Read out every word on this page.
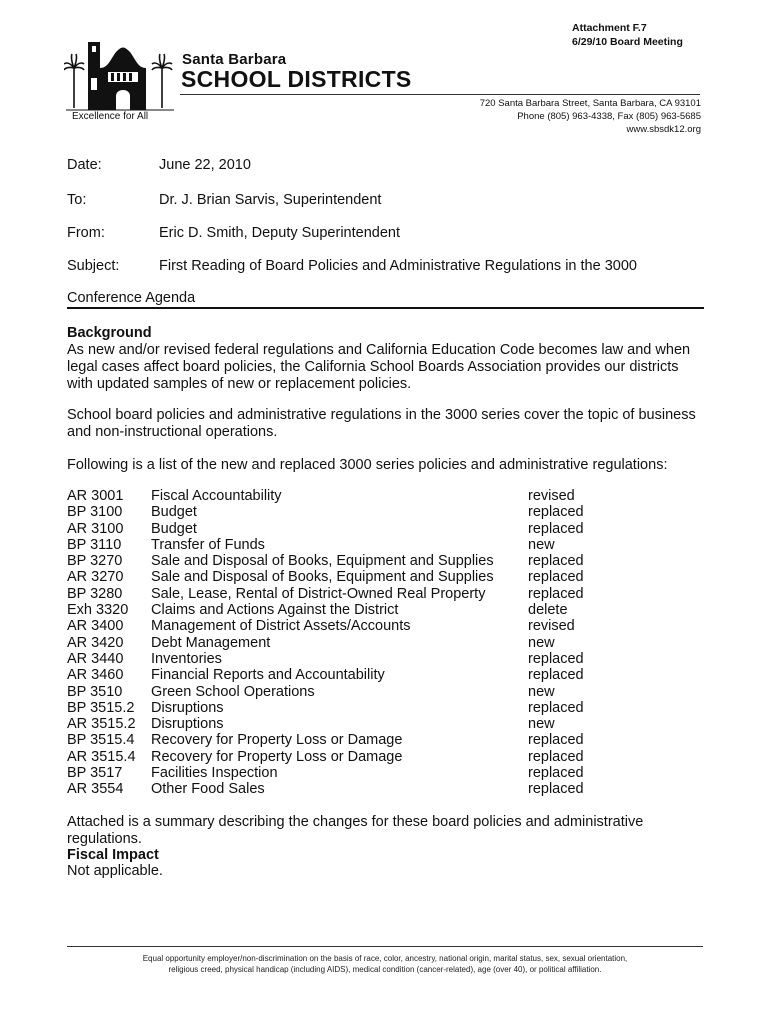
Attachment F.7
6/29/10 Board Meeting
Santa Barbara
SCHOOL DISTRICTS
Excellence for All
720 Santa Barbara Street, Santa Barbara, CA 93101
Phone (805) 963-4338, Fax (805) 963-5685
www.sbsdk12.org
Date:	June 22, 2010
To:	Dr. J. Brian Sarvis, Superintendent
From:	Eric D. Smith, Deputy Superintendent
Subject:	First Reading of Board Policies and Administrative Regulations in the 3000
Conference Agenda
Background
As new and/or revised federal regulations and California Education Code becomes law and when legal cases affect board policies, the California School Boards Association provides our districts with updated samples of new or replacement policies.
School board policies and administrative regulations in the 3000 series cover the topic of business and non-instructional operations.
Following is a list of the new and replaced 3000 series policies and administrative regulations:
AR 3001 Fiscal Accountability	revised
BP 3100 Budget	replaced
AR 3100 Budget	replaced
BP 3110 Transfer of Funds	new
BP 3270 Sale and Disposal of Books, Equipment and Supplies replaced
AR 3270 Sale and Disposal of Books, Equipment and Supplies replaced
BP 3280 Sale, Lease, Rental of District-Owned Real Property	replaced
Exh 3320 Claims and Actions Against the District	delete
AR 3400 Management of District Assets/Accounts	revised
AR 3420 Debt Management	new
AR 3440 Inventories	replaced
AR 3460 Financial Reports and Accountability	replaced
BP 3510 Green School Operations	new
BP 3515.2 Disruptions	replaced
AR 3515.2 Disruptions	new
BP 3515.4 Recovery for Property Loss or Damage	replaced
AR 3515.4 Recovery for Property Loss or Damage	replaced
BP 3517 Facilities Inspection	replaced
AR 3554 Other Food Sales	replaced
Attached is a summary describing the changes for these board policies and administrative regulations.
Fiscal Impact
Not applicable.
Equal opportunity employer/non-discrimination on the basis of race, color, ancestry, national origin, marital status, sex, sexual orientation,
religious creed, physical handicap (including AIDS), medical condition (cancer-related), age (over 40), or political affiliation.
